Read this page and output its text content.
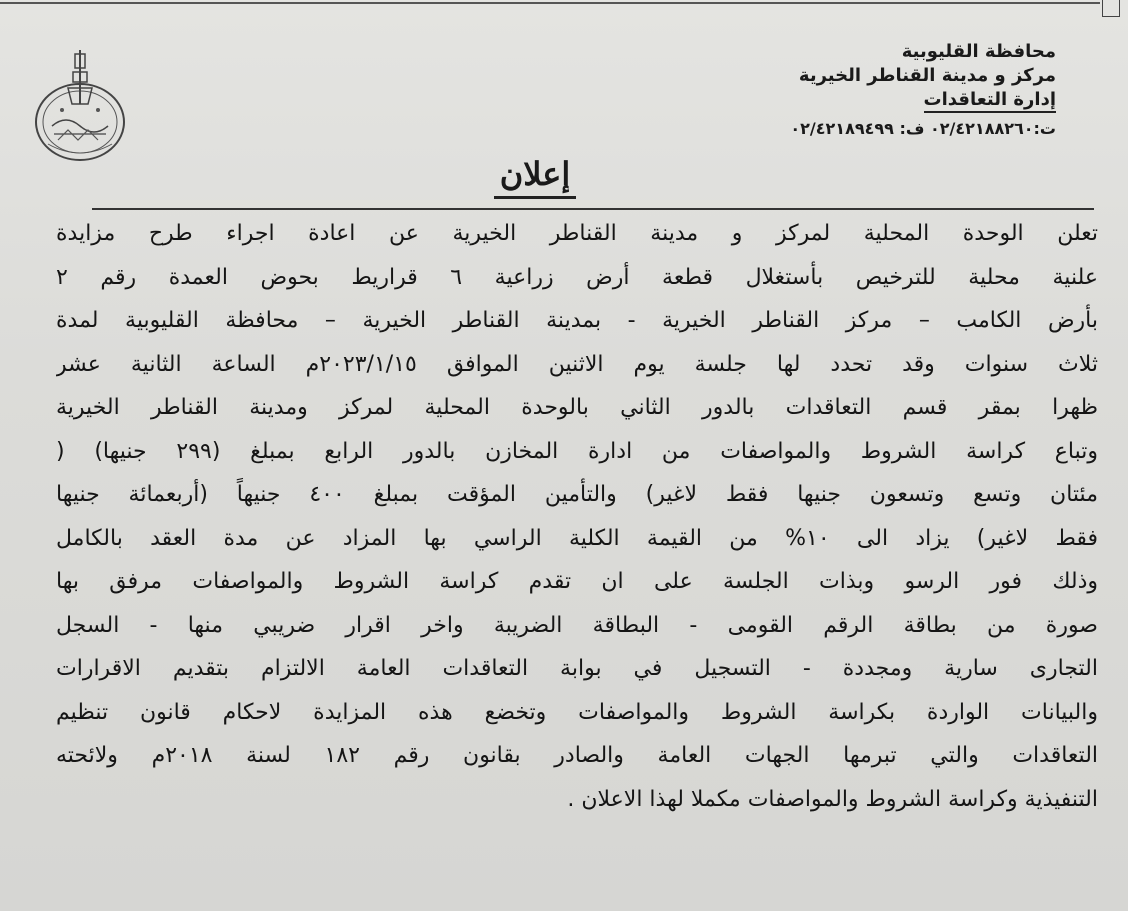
محافظة القليوبية
مركز و مدينة القناطر الخيرية
إدارة التعاقدات
ت:٠٢/٤٢١٨٨٢٦٠ ف: ٠٢/٤٢١٨٩٤٩٩
إعلان
تعلن الوحدة المحلية لمركز و مدينة القناطر الخيرية عن اعادة اجراء طرح مزايدة
علنية محلية للترخيص بأستغلال قطعة أرض زراعية ٦ قراريط بحوض العمدة رقم ٢
بأرض الكامب – مركز القناطر الخيرية - بمدينة القناطر الخيرية – محافظة القليوبية لمدة
ثلاث سنوات وقد تحدد لها جلسة يوم الاثنين الموافق ٢٠٢٣/١/١٥م الساعة الثانية عشر
ظهرا بمقر قسم التعاقدات بالدور الثاني بالوحدة المحلية لمركز ومدينة القناطر الخيرية
وتباع كراسة الشروط والمواصفات من ادارة المخازن بالدور الرابع بمبلغ (٢٩٩ جنيها) (
مئتان وتسع وتسعون جنيها فقط لاغير) والتأمين المؤقت بمبلغ ٤٠٠ جنيهاً (أربعمائة جنيها
فقط لاغير) يزاد الى ١٠% من القيمة الكلية الراسي بها المزاد عن مدة العقد بالكامل
وذلك فور الرسو وبذات الجلسة على ان تقدم كراسة الشروط والمواصفات مرفق بها
صورة من بطاقة الرقم القومى - البطاقة الضريبة واخر اقرار ضريبي منها - السجل
التجارى سارية ومجددة - التسجيل في بوابة التعاقدات العامة الالتزام بتقديم الاقرارات
والبيانات الواردة بكراسة الشروط والمواصفات وتخضع هذه المزايدة لاحكام قانون تنظيم
التعاقدات والتي تبرمها الجهات العامة والصادر بقانون رقم ١٨٢ لسنة ٢٠١٨م ولائحته
التنفيذية وكراسة الشروط والمواصفات مكملا لهذا الاعلان .
